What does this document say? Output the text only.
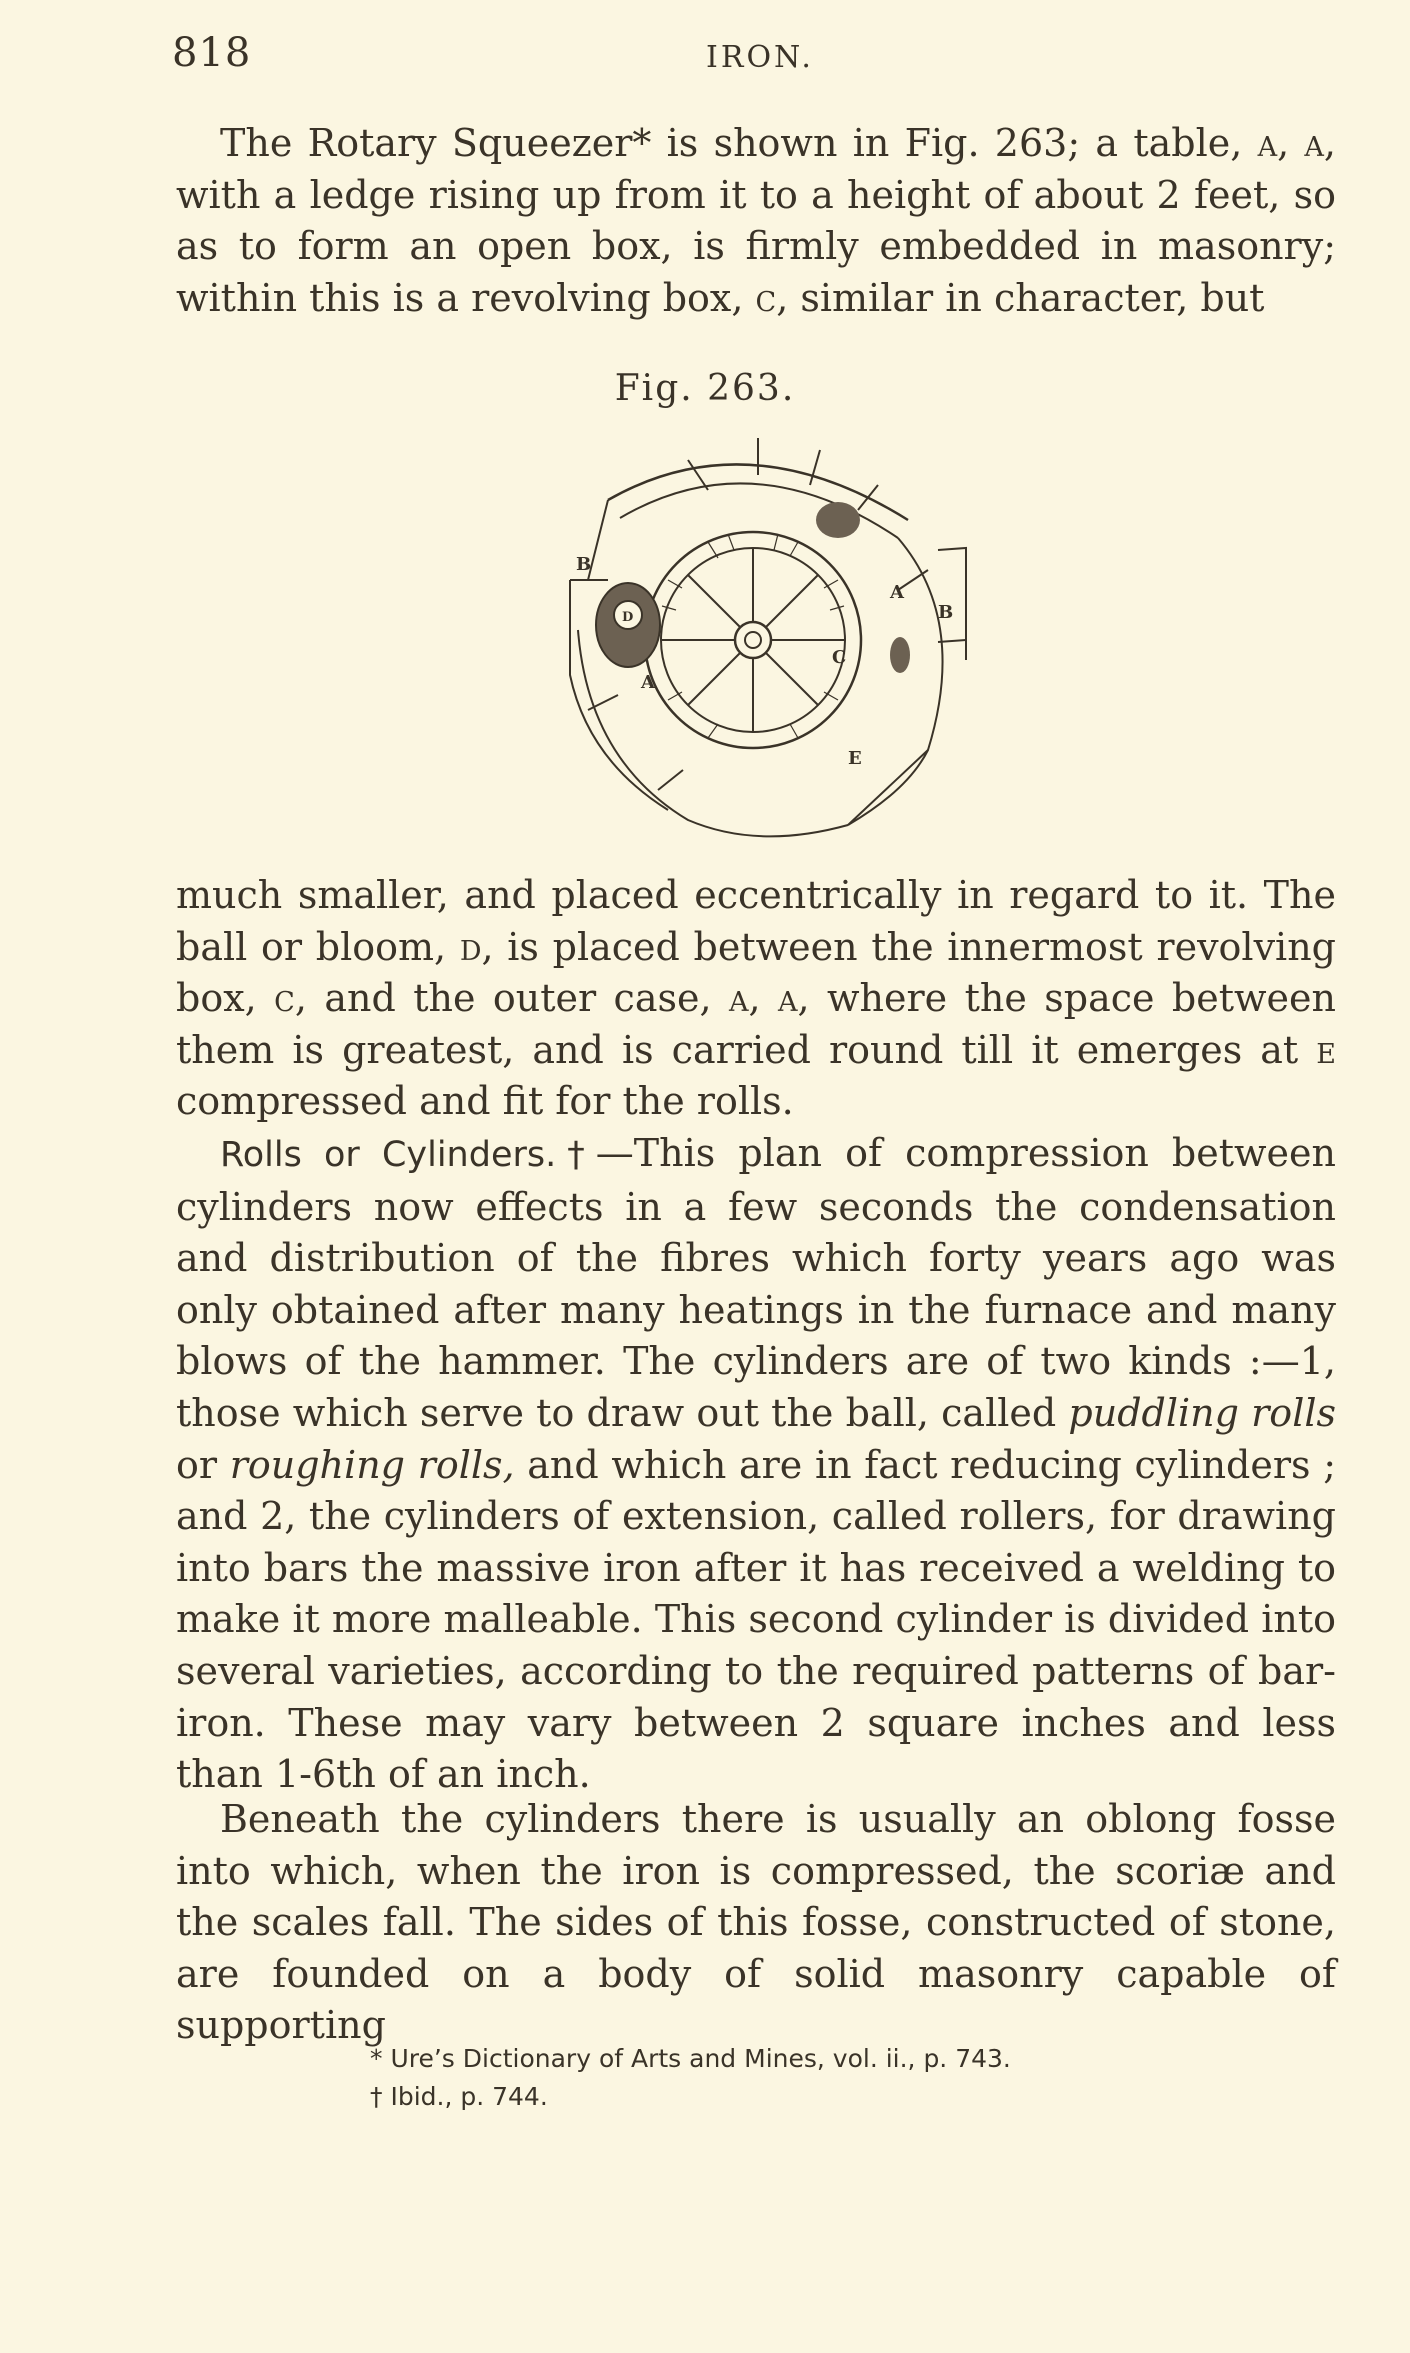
818	IRON.

The Rotary Squeezer* is shown in Fig. 263; a table, a, a, with a ledge rising up from it to a height of about 2 feet, so as to form an open box, is firmly embedded in masonry; within this is a revolving box, c, similar in character, but

Fig. 263.
B
D
A
A
B
C
E

much smaller, and placed eccentrically in regard to it. The ball or bloom, d, is placed between the innermost revolving box, c, and the outer case, a, a, where the space between them is greatest, and is carried round till it emerges at e compressed and fit for the rolls.

Rolls or Cylinders.†—This plan of compression between cylinders now effects in a few seconds the condensation and distribution of the fibres which forty years ago was only obtained after many heatings in the furnace and many blows of the hammer. The cylinders are of two kinds :—1, those which serve to draw out the ball, called puddling rolls or roughing rolls, and which are in fact reducing cylinders ; and 2, the cylinders of extension, called rollers, for drawing into bars the massive iron after it has received a welding to make it more malleable. This second cylinder is divided into several varieties, according to the required patterns of bar-iron. These may vary between 2 square inches and less than 1-6th of an inch.

Beneath the cylinders there is usually an oblong fosse into which, when the iron is compressed, the scoriæ and the scales fall. The sides of this fosse, constructed of stone, are founded on a body of solid masonry capable of supporting

* Ure’s Dictionary of Arts and Mines, vol. ii., p. 743.

† Ibid., p. 744.
